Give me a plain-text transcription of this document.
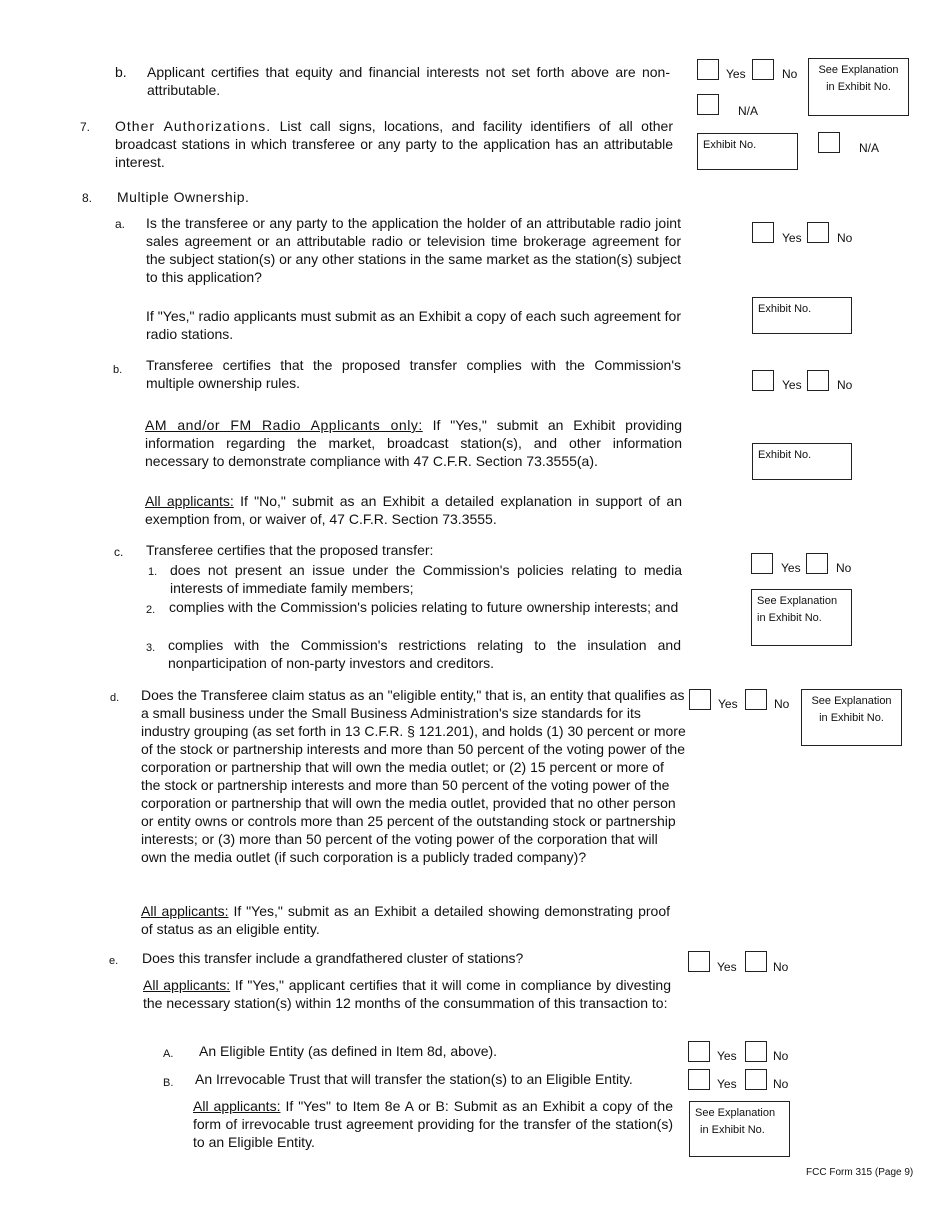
b. Applicant certifies that equity and financial interests not set forth above are non-attributable.
Yes	No	See Explanation
in Exhibit No.
N/A
7. Other Authorizations. List call signs, locations, and facility identifiers of all other broadcast stations in which transferee or any party to the application has an attributable interest.
Exhibit No.	N/A
8. Multiple Ownership.
a. Is the transferee or any party to the application the holder of an attributable radio joint sales agreement or an attributable radio or television time brokerage agreement for the subject station(s) or any other stations in the same market as the station(s) subject to this application?
If "Yes," radio applicants must submit as an Exhibit a copy of each such agreement for radio stations.
Yes	No
Exhibit No.
b. Transferee certifies that the proposed transfer complies with the Commission's multiple ownership rules.
AM and/or FM Radio Applicants only: If "Yes," submit an Exhibit providing information regarding the market, broadcast station(s), and other information necessary to demonstrate compliance with 47 C.F.R. Section 73.3555(a).
All applicants: If "No," submit as an Exhibit a detailed explanation in support of an exemption from, or waiver of, 47 C.F.R. Section 73.3555.
Yes	No
Exhibit No.
c. Transferee certifies that the proposed transfer:
1. does not present an issue under the Commission's policies relating to media interests of immediate family members;
2. complies with the Commission's policies relating to future ownership interests; and
3. complies with the Commission's restrictions relating to the insulation and nonparticipation of non-party investors and creditors.
Yes	No
See Explanation
in Exhibit No.
d. Does the Transferee claim status as an "eligible entity," that is, an entity that qualifies as a small business under the Small Business Administration's size standards for its industry grouping (as set forth in 13 C.F.R. § 121.201), and holds (1) 30 percent or more of the stock or partnership interests and more than 50 percent of the voting power of the corporation or partnership that will own the media outlet; or (2) 15 percent or more of the stock or partnership interests and more than 50 percent of the voting power of the corporation or partnership that will own the media outlet, provided that no other person or entity owns or controls more than 25 percent of the outstanding stock or partnership interests; or (3) more than 50 percent of the voting power of the corporation that will own the media outlet (if such corporation is a publicly traded company)?
All applicants: If "Yes," submit as an Exhibit a detailed showing demonstrating proof of status as an eligible entity.
Yes	No	See Explanation
in Exhibit No.
e. Does this transfer include a grandfathered cluster of stations?
All applicants: If "Yes," applicant certifies that it will come in compliance by divesting the necessary station(s) within 12 months of the consummation of this transaction to:
Yes	No
A. An Eligible Entity (as defined in Item 8d, above).	Yes	No
B. An Irrevocable Trust that will transfer the station(s) to an Eligible Entity.	Yes	No
All applicants: If "Yes" to Item 8e A or B: Submit as an Exhibit a copy of the form of irrevocable trust agreement providing for the transfer of the station(s) to an Eligible Entity.
See Explanation
in Exhibit No.
FCC Form 315 (Page 9)
